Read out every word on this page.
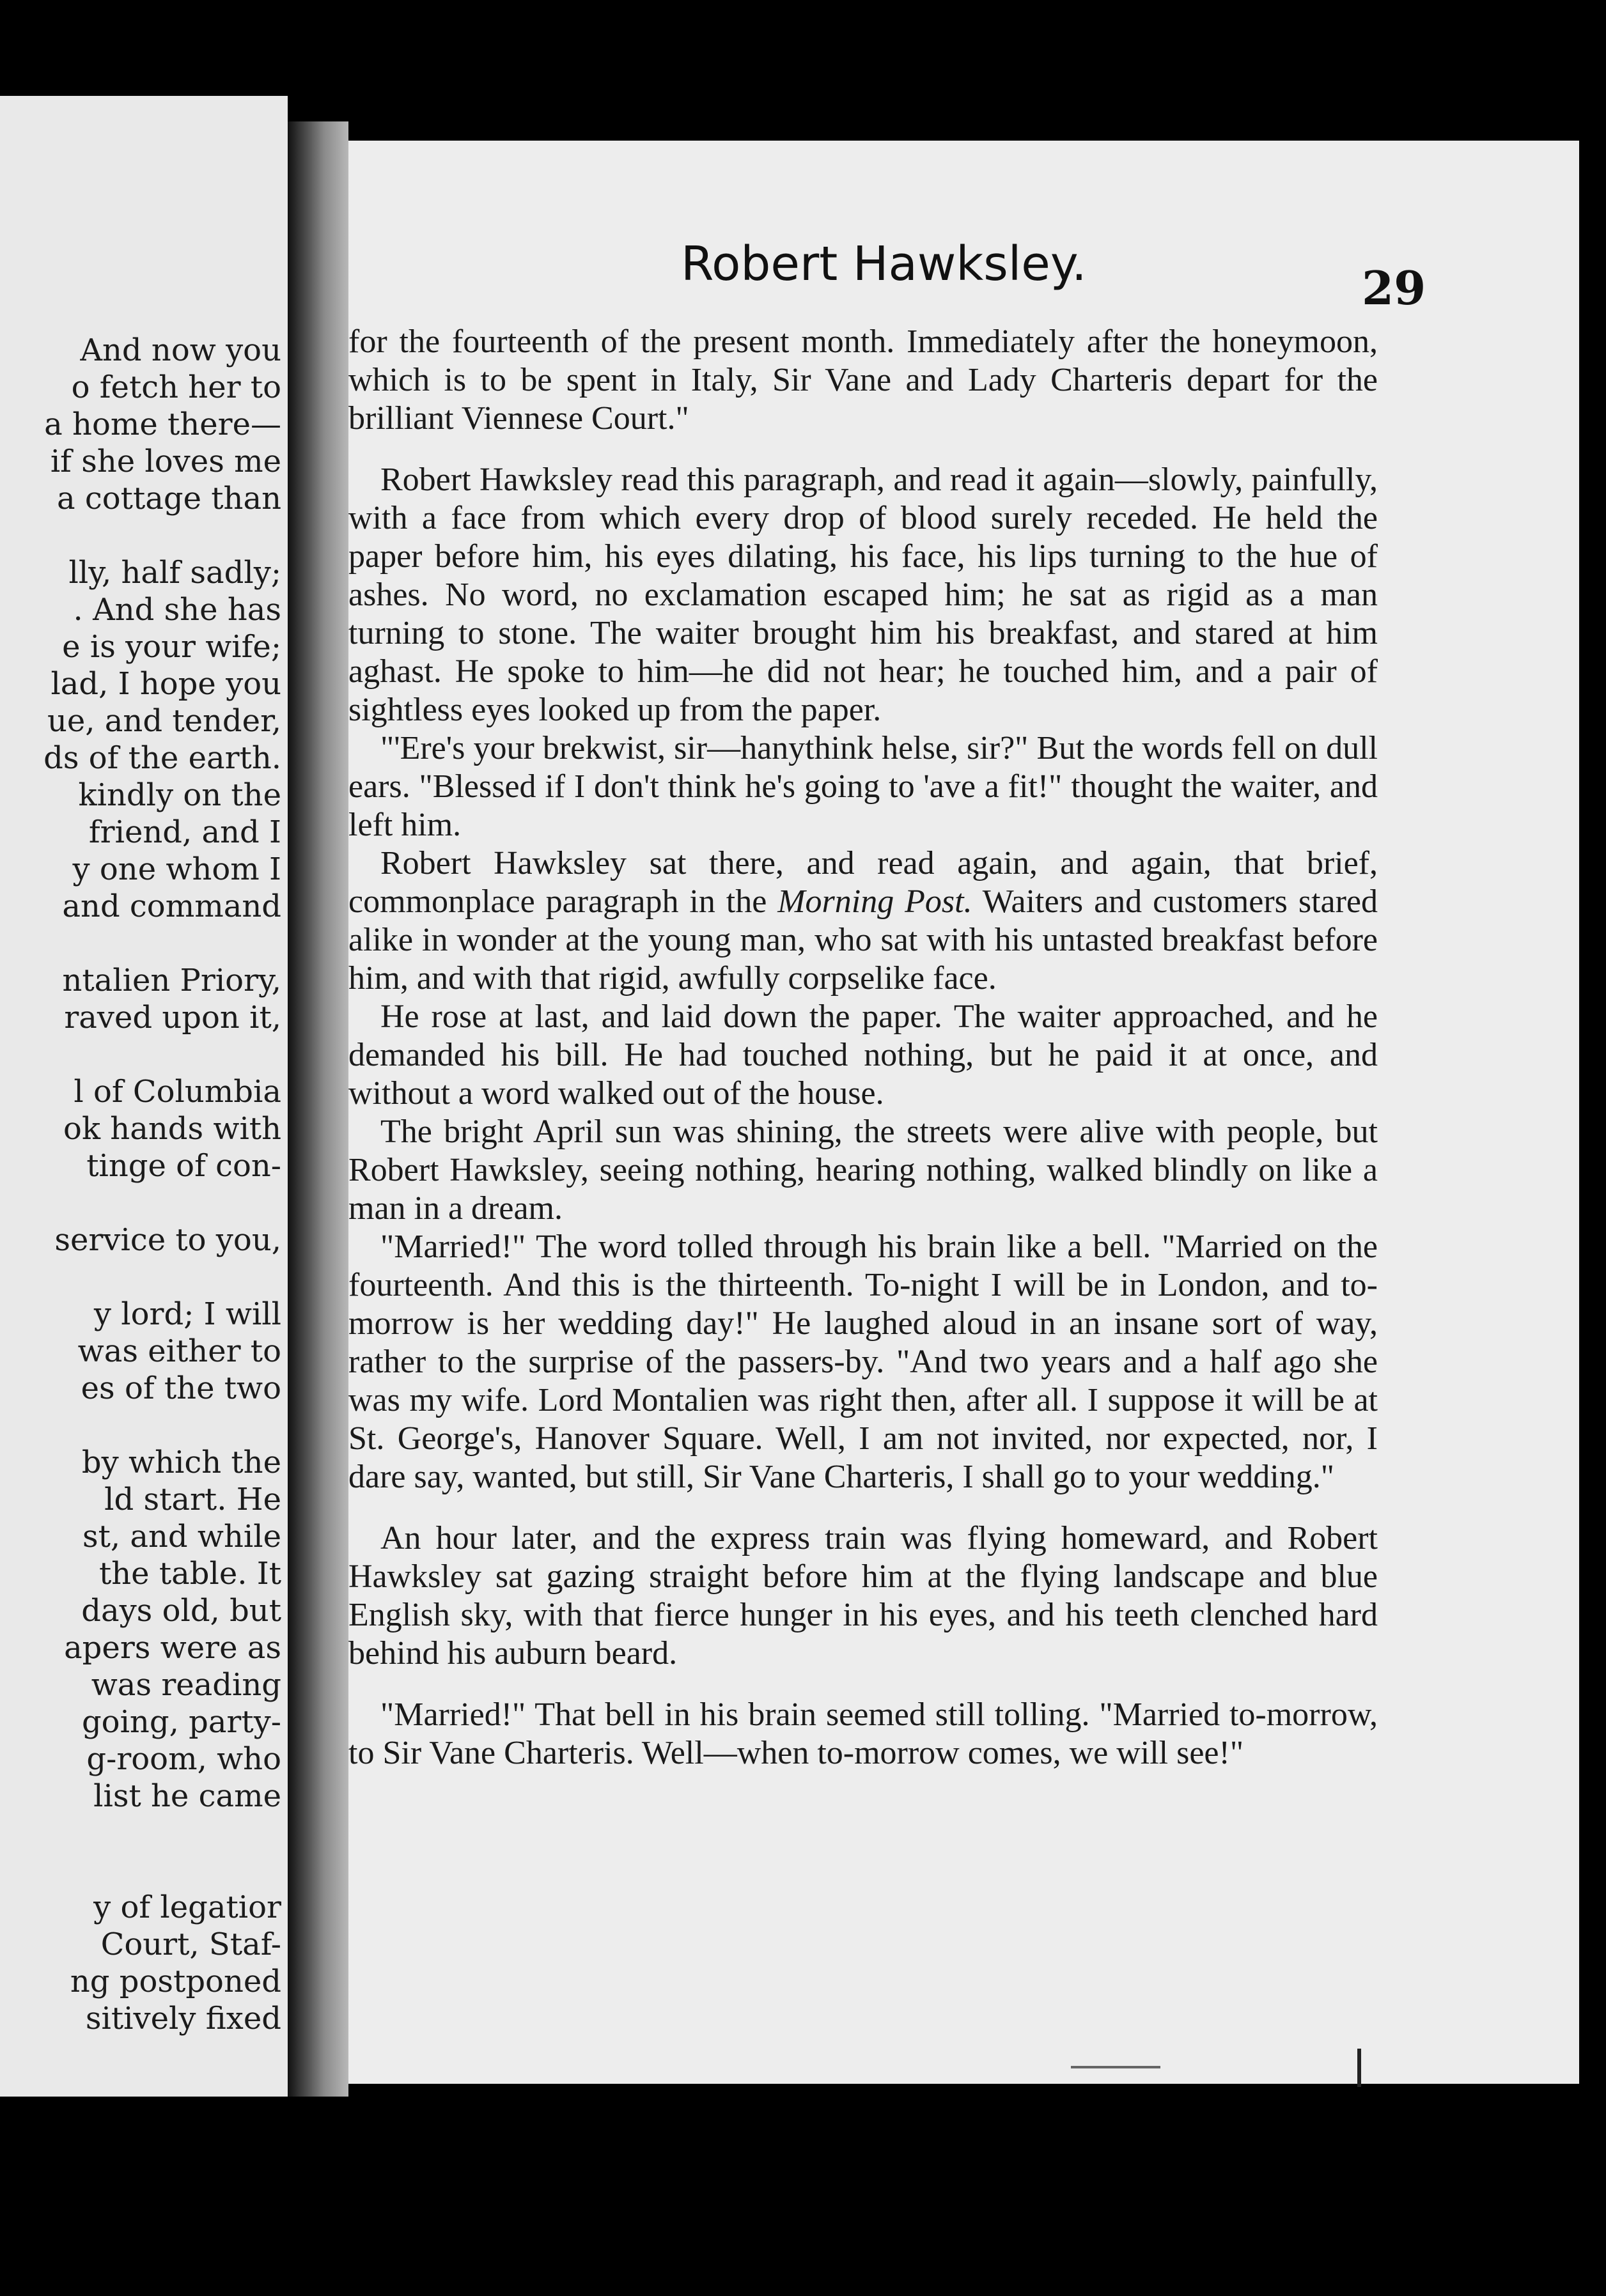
And now you
o fetch her to
a home there—
if she loves me
a cottage than
lly, half sadly;
. And she has
e is your wife;
lad, I hope you
ue, and tender,
ds of the earth.
kindly on the
friend, and I
y one whom I
and command
ntalien Priory,
raved upon it,
l of Columbia
ok hands with
tinge of con-
service to you,
y lord; I will
was either to
es of the two
by which the
ld start. He
st, and while
the table. It
days old, but
apers were as
was reading
going, party-
g-room, who
list he came
y of legatior
Court, Staf-
ng postponed
sitively fixed
Robert Hawksley.	29

for the fourteenth of the present month. Immediately after the honeymoon, which is to be spent in Italy, Sir Vane and Lady Charteris depart for the brilliant Viennese Court."

Robert Hawksley read this paragraph, and read it again—slowly, painfully, with a face from which every drop of blood surely receded. He held the paper before him, his eyes dilating, his face, his lips turning to the hue of ashes. No word, no exclamation escaped him; he sat as rigid as a man turning to stone. The waiter brought him his breakfast, and stared at him aghast. He spoke to him—he did not hear; he touched him, and a pair of sightless eyes looked up from the paper.

"'Ere's your brekwist, sir—hanythink helse, sir?" But the words fell on dull ears. "Blessed if I don't think he's going to 'ave a fit!" thought the waiter, and left him.

Robert Hawksley sat there, and read again, and again, that brief, commonplace paragraph in the Morning Post. Waiters and customers stared alike in wonder at the young man, who sat with his untasted breakfast before him, and with that rigid, awfully corpselike face.

He rose at last, and laid down the paper. The waiter approached, and he demanded his bill. He had touched nothing, but he paid it at once, and without a word walked out of the house.

The bright April sun was shining, the streets were alive with people, but Robert Hawksley, seeing nothing, hearing nothing, walked blindly on like a man in a dream.

"Married!" The word tolled through his brain like a bell. "Married on the fourteenth. And this is the thirteenth. To-night I will be in London, and to-morrow is her wedding day!" He laughed aloud in an insane sort of way, rather to the surprise of the passers-by. "And two years and a half ago she was my wife. Lord Montalien was right then, after all. I suppose it will be at St. George's, Hanover Square. Well, I am not invited, nor expected, nor, I dare say, wanted, but still, Sir Vane Charteris, I shall go to your wedding."

An hour later, and the express train was flying homeward, and Robert Hawksley sat gazing straight before him at the flying landscape and blue English sky, with that fierce hunger in his eyes, and his teeth clenched hard behind his auburn beard.

"Married!" That bell in his brain seemed still tolling. "Married to-morrow, to Sir Vane Charteris. Well—when to-morrow comes, we will see!"
